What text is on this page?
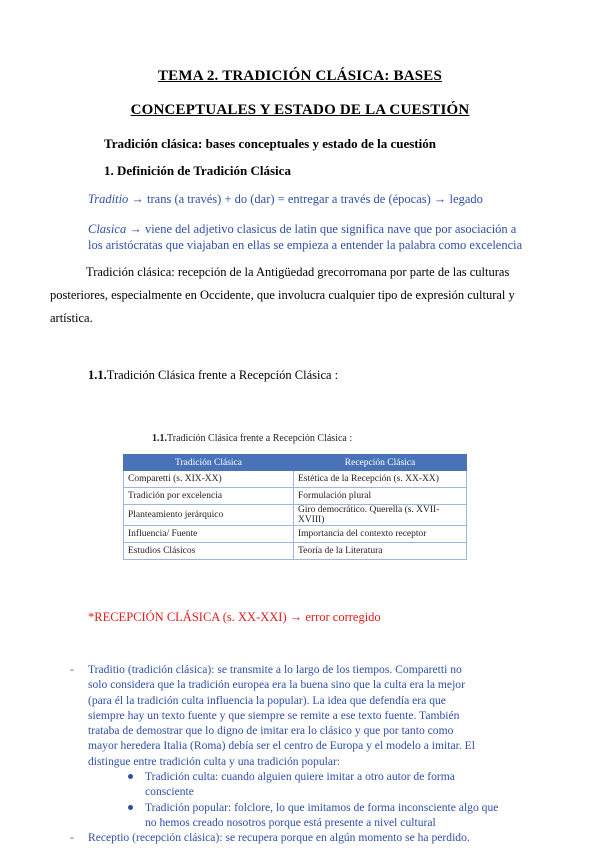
TEMA 2. TRADICIÓN CLÁSICA: BASES
CONCEPTUALES Y ESTADO DE LA CUESTIÓN
Tradición clásica: bases conceptuales y estado de la cuestión
1. Definición de Tradición Clásica
Traditio → trans (a través) + do (dar) = entregar a través de (épocas) → legado
Clasica → viene del adjetivo clasicus de latin que significa nave que por asociación a
los aristócratas que viajaban en ellas se empieza a entender la palabra como excelencia
Tradición clásica: recepción de la Antigüedad grecorromana por parte de las culturas
posteriores, especialmente en Occidente, que involucra cualquier tipo de expresión cultural y
artística.
1.1.Tradición Clásica frente a Recepción Clásica :
1.1.Tradición Clásica frente a Recepción Clásica :
Tradición Clásica	Recepción Clásica
Comparetti (s. XIX-XX)	Estética de la Recepción (s. XX-XX)
Tradición por excelencia	Formulación plural
Planteamiento jerárquico	Giro democrático. Querella (s. XVII-XVIII)
Influencia/ Fuente	Importancia del contexto receptor
Estudios Clásicos	Teoría de la Literatura
*RECEPCIÓN CLÁSICA (s. XX-XXI) → error corregido
- Traditio (tradición clásica): se transmite a lo largo de los tiempos. Comparetti no
solo considera que la tradición europea era la buena sino que la culta era la mejor
(para él la tradición culta influencia la popular). La idea que defendía era que
siempre hay un texto fuente y que siempre se remite a ese texto fuente. También
trataba de demostrar que lo digno de imitar era lo clásico y que por tanto como
mayor heredera Italia (Roma) debía ser el centro de Europa y el modelo a imitar. El
distingue entre tradición culta y una tradición popular:
Tradición culta: cuando alguien quiere imitar a otro autor de forma
consciente
Tradición popular: folclore, lo que imitamos de forma inconsciente algo que
no hemos creado nosotros porque está presente a nivel cultural
- Receptio (recepción clásica): se recupera porque en algún momento se ha perdido.
